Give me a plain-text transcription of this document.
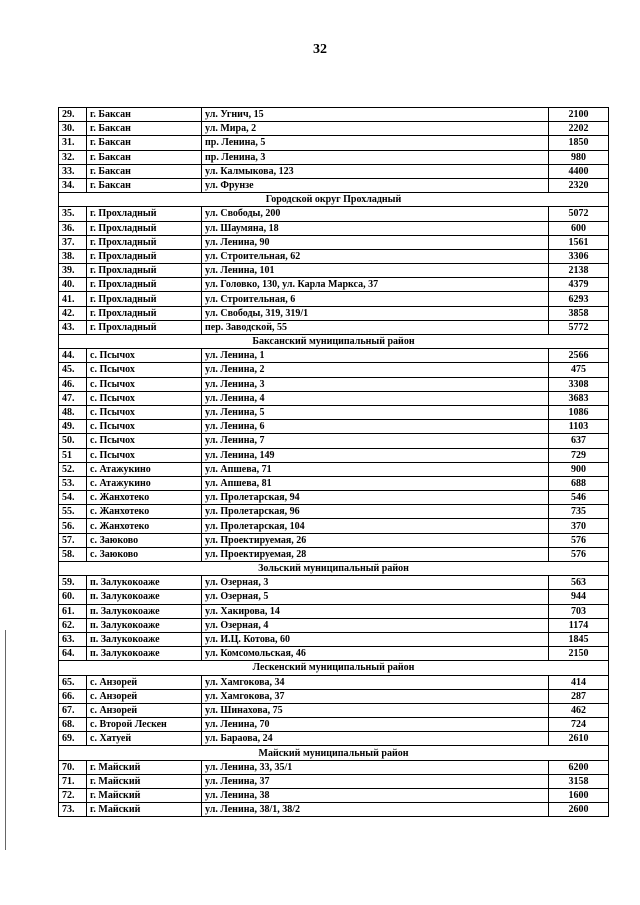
32
29.	г. Баксан	ул. Угнич, 15	2100
30.	г. Баксан	ул. Мира, 2	2202
31.	г. Баксан	пр. Ленина, 5	1850
32.	г. Баксан	пр. Ленина, 3	980
33.	г. Баксан	ул. Калмыкова, 123	4400
34.	г. Баксан	ул. Фрунзе	2320
Городской округ Прохладный			
35.	г. Прохладный	ул. Свободы, 200	5072
36.	г. Прохладный	ул. Шаумяна, 18	600
37.	г. Прохладный	ул. Ленина, 90	1561
38.	г. Прохладный	ул. Строительная, 62	3306
39.	г. Прохладный	ул. Ленина, 101	2138
40.	г. Прохладный	ул. Головко, 130, ул. Карла Маркса, 37	4379
41.	г. Прохладный	ул. Строительная, 6	6293
42.	г. Прохладный	ул. Свободы, 319, 319/1	3858
43.	г. Прохладный	пер. Заводской, 55	5772
Баксанский муниципальный район			
44.	с. Псычох	ул. Ленина, 1	2566
45.	с. Псычох	ул. Ленина, 2	475
46.	с. Псычох	ул. Ленина, 3	3308
47.	с. Псычох	ул. Ленина, 4	3683
48.	с. Псычох	ул. Ленина, 5	1086
49.	с. Псычох	ул. Ленина, 6	1103
50.	с. Псычох	ул. Ленина, 7	637
51	с. Псычох	ул. Ленина, 149	729
52.	с. Атажукино	ул. Апшева, 71	900
53.	с. Атажукино	ул. Апшева, 81	688
54.	с. Жанхотеко	ул. Пролетарская, 94	546
55.	с. Жанхотеко	ул. Пролетарская, 96	735
56.	с. Жанхотеко	ул. Пролетарская, 104	370
57.	с. Заюково	ул. Проектируемая, 26	576
58.	с. Заюково	ул. Проектируемая, 28	576
Зольский муниципальный район			
59.	п. Залукокоаже	ул. Озерная, 3	563
60.	п. Залукокоаже	ул. Озерная, 5	944
61.	п. Залукокоаже	ул. Хакирова, 14	703
62.	п. Залукокоаже	ул. Озерная, 4	1174
63.	п. Залукокоаже	ул. И.Ц. Котова, 60	1845
64.	п. Залукокоаже	ул. Комсомольская, 46	2150
Лескенский муниципальный район			
65.	с. Анзорей	ул. Хамгокова, 34	414
66.	с. Анзорей	ул. Хамгокова, 37	287
67.	с. Анзорей	ул. Шинахова, 75	462
68.	с. Второй Лескен	ул. Ленина, 70	724
69.	с. Хатуей	ул. Бараова, 24	2610
Майский муниципальный район			
70.	г. Майский	ул. Ленина, 33, 35/1	6200
71.	г. Майский	ул. Ленина, 37	3158
72.	г. Майский	ул. Ленина, 38	1600
73.	г. Майский	ул. Ленина, 38/1, 38/2	2600
